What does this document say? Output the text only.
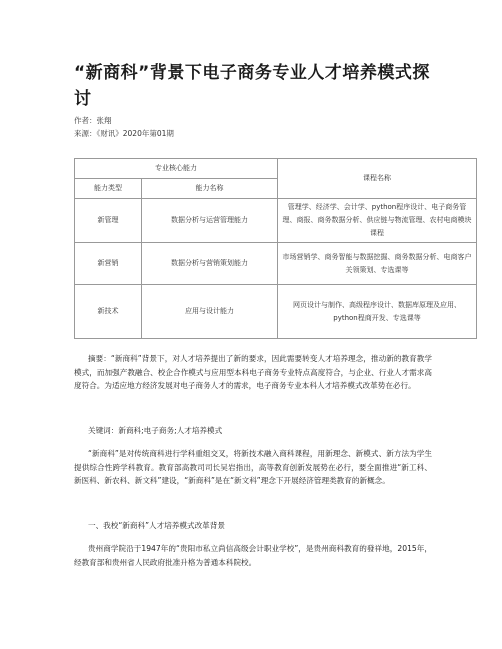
“新商科”背景下电子商务专业人才培养模式探讨
作者：张翔
来源：《财讯》2020年第01期
专业核心能力		课程名称
能力类型	能力名称	
新管理	数据分析与运营管理能力	管理学、经济学、会计学、python程序设计、电子商务管理、商报、商务数据分析、供应链与物流管理、农村电商模块课程
新营销	数据分析与营销策划能力	市场营销学、商务智能与数据挖掘、商务数据分析、电商客户关领策划、专选课等
新技术	应用与设计能力	网页设计与制作、高级程序设计、数据库原理及应用、python程商开发、专选课等
摘要：“新商科”背景下，对人才培养提出了新的要求，因此需要转变人才培养理念，推动新的教育教学模式，而加强产教融合、校企合作模式与应用型本科电子商务专业特点高度符合，与企业、行业人才需求高度符合。为适应地方经济发展对电子商务人才的需求，电子商务专业本科人才培养模式改革势在必行。
关键词：新商科;电子商务;人才培养模式
“新商科”是对传统商科进行学科重组交叉，将新技术融入商科课程，用新理念、新模式、新方法为学生提供综合性跨学科教育。教育部高教司司长吴岩指出，高等教育创新发展势在必行，要全面推进“新工科、新医科、新农科、新文科”建设，“新商科”是在“新文科”理念下开展经济管理类教育的新概念。
一、我校“新商科”人才培养模式改革背景
贵州商学院沿于1947年的“贵阳市私立尚信高级会计职业学校”，是贵州商科教育的發祥地，2015年，经教育部和贵州省人民政府批准升格为普通本科院校。
